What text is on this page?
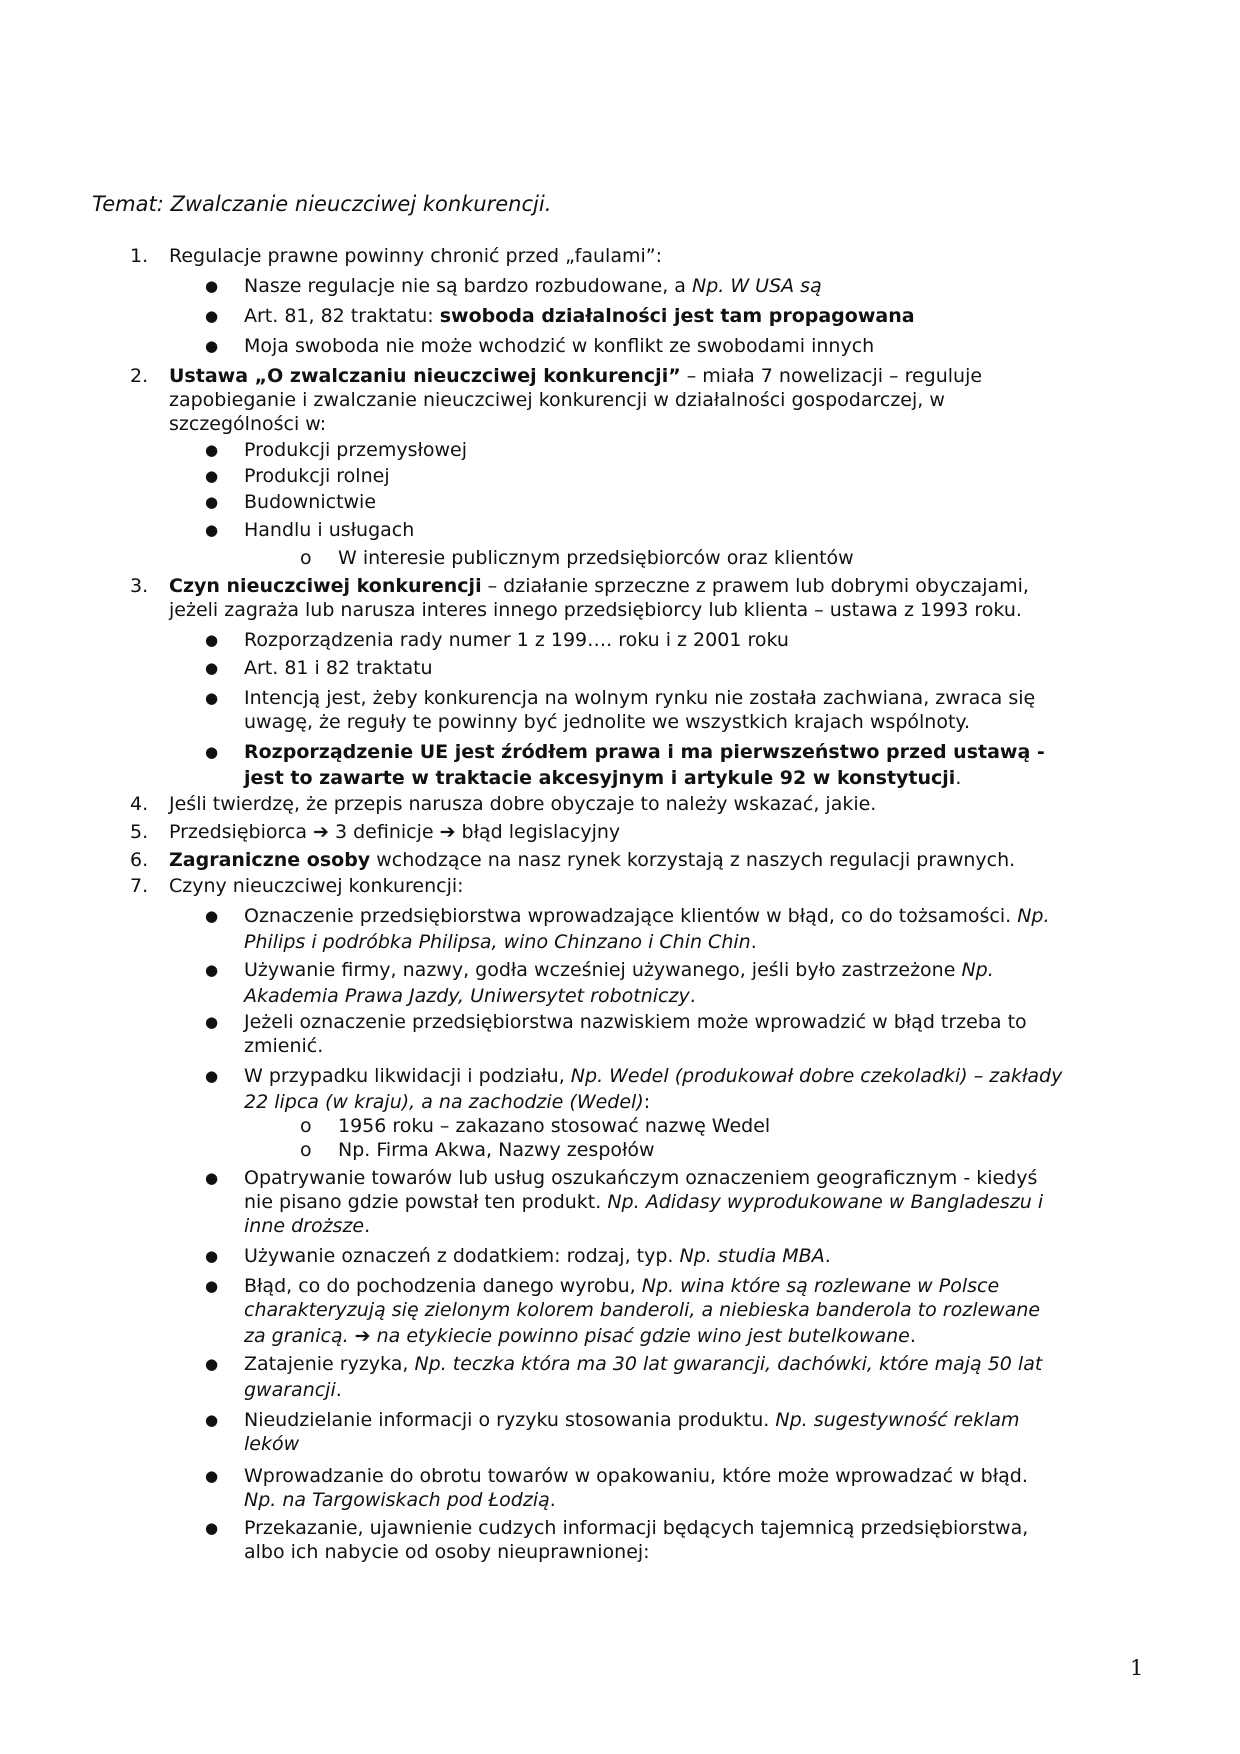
Temat: Zwalczanie nieuczciwej konkurencji.
1. Regulacje prawne powinny chronić przed „faulami”:
● Nasze regulacje nie są bardzo rozbudowane, a Np. W USA są
● Art. 81, 82 traktatu: swoboda działalności jest tam propagowana
● Moja swoboda nie może wchodzić w konflikt ze swobodami innych
2. Ustawa „O zwalczaniu nieuczciwej konkurencji” – miała 7 nowelizacji – reguluje
zapobieganie i zwalczanie nieuczciwej konkurencji w działalności gospodarczej, w
szczególności w:
● Produkcji przemysłowej
● Produkcji rolnej
● Budownictwie
● Handlu i usługach
o W interesie publicznym przedsiębiorców oraz klientów
3. Czyn nieuczciwej konkurencji – działanie sprzeczne z prawem lub dobrymi obyczajami,
jeżeli zagraża lub narusza interes innego przedsiębiorcy lub klienta – ustawa z 1993 roku.
● Rozporządzenia rady numer 1 z 199…. roku i z 2001 roku
● Art. 81 i 82 traktatu
● Intencją jest, żeby konkurencja na wolnym rynku nie została zachwiana, zwraca się
uwagę, że reguły te powinny być jednolite we wszystkich krajach wspólnoty.
● Rozporządzenie UE jest źródłem prawa i ma pierwszeństwo przed ustawą -
jest to zawarte w traktacie akcesyjnym i artykule 92 w konstytucji.
4. Jeśli twierdzę, że przepis narusza dobre obyczaje to należy wskazać, jakie.
5. Przedsiębiorca ➔ 3 definicje ➔ błąd legislacyjny
6. Zagraniczne osoby wchodzące na nasz rynek korzystają z naszych regulacji prawnych.
7. Czyny nieuczciwej konkurencji:
● Oznaczenie przedsiębiorstwa wprowadzające klientów w błąd, co do tożsamości. Np.
Philips i podróbka Philipsa, wino Chinzano i Chin Chin.
● Używanie firmy, nazwy, godła wcześniej używanego, jeśli było zastrzeżone Np.
Akademia Prawa Jazdy, Uniwersytet robotniczy.
● Jeżeli oznaczenie przedsiębiorstwa nazwiskiem może wprowadzić w błąd trzeba to
zmienić.
● W przypadku likwidacji i podziału, Np. Wedel (produkował dobre czekoladki) – zakłady
22 lipca (w kraju), a na zachodzie (Wedel):
o 1956 roku – zakazano stosować nazwę Wedel
o Np. Firma Akwa, Nazwy zespołów
● Opatrywanie towarów lub usług oszukańczym oznaczeniem geograficznym - kiedyś
nie pisano gdzie powstał ten produkt. Np. Adidasy wyprodukowane w Bangladeszu i
inne droższe.
● Używanie oznaczeń z dodatkiem: rodzaj, typ. Np. studia MBA.
● Błąd, co do pochodzenia danego wyrobu, Np. wina które są rozlewane w Polsce
charakteryzują się zielonym kolorem banderoli, a niebieska banderola to rozlewane
za granicą. ➔ na etykiecie powinno pisać gdzie wino jest butelkowane.
● Zatajenie ryzyka, Np. teczka która ma 30 lat gwarancji, dachówki, które mają 50 lat
gwarancji.
● Nieudzielanie informacji o ryzyku stosowania produktu. Np. sugestywność reklam
leków
● Wprowadzanie do obrotu towarów w opakowaniu, które może wprowadzać w błąd.
Np. na Targowiskach pod Łodzią.
● Przekazanie, ujawnienie cudzych informacji będących tajemnicą przedsiębiorstwa,
albo ich nabycie od osoby nieuprawnionej:
1
